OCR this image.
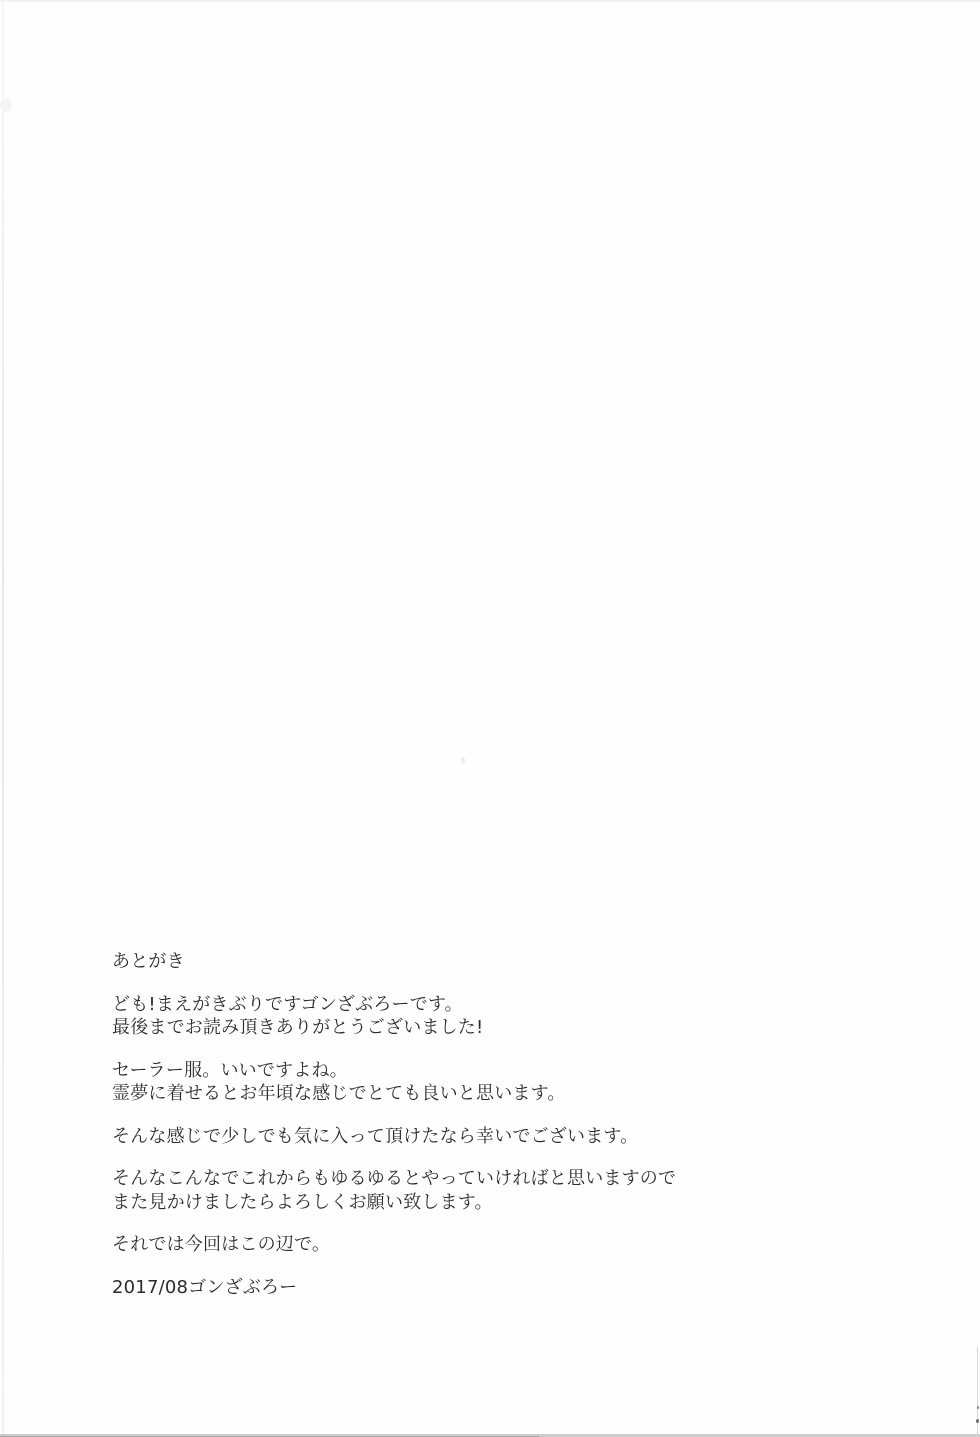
あとがき

ども!まえがきぶりですゴンざぶろーです。
最後までお読み頂きありがとうございました!

セーラー服。いいですよね。
霊夢に着せるとお年頃な感じでとても良いと思います。

そんな感じで少しでも気に入って頂けたなら幸いでございます。

そんなこんなでこれからもゆるゆるとやっていければと思いますので
また見かけましたらよろしくお願い致します。

それでは今回はこの辺で。

2017/08ゴンざぶろー
